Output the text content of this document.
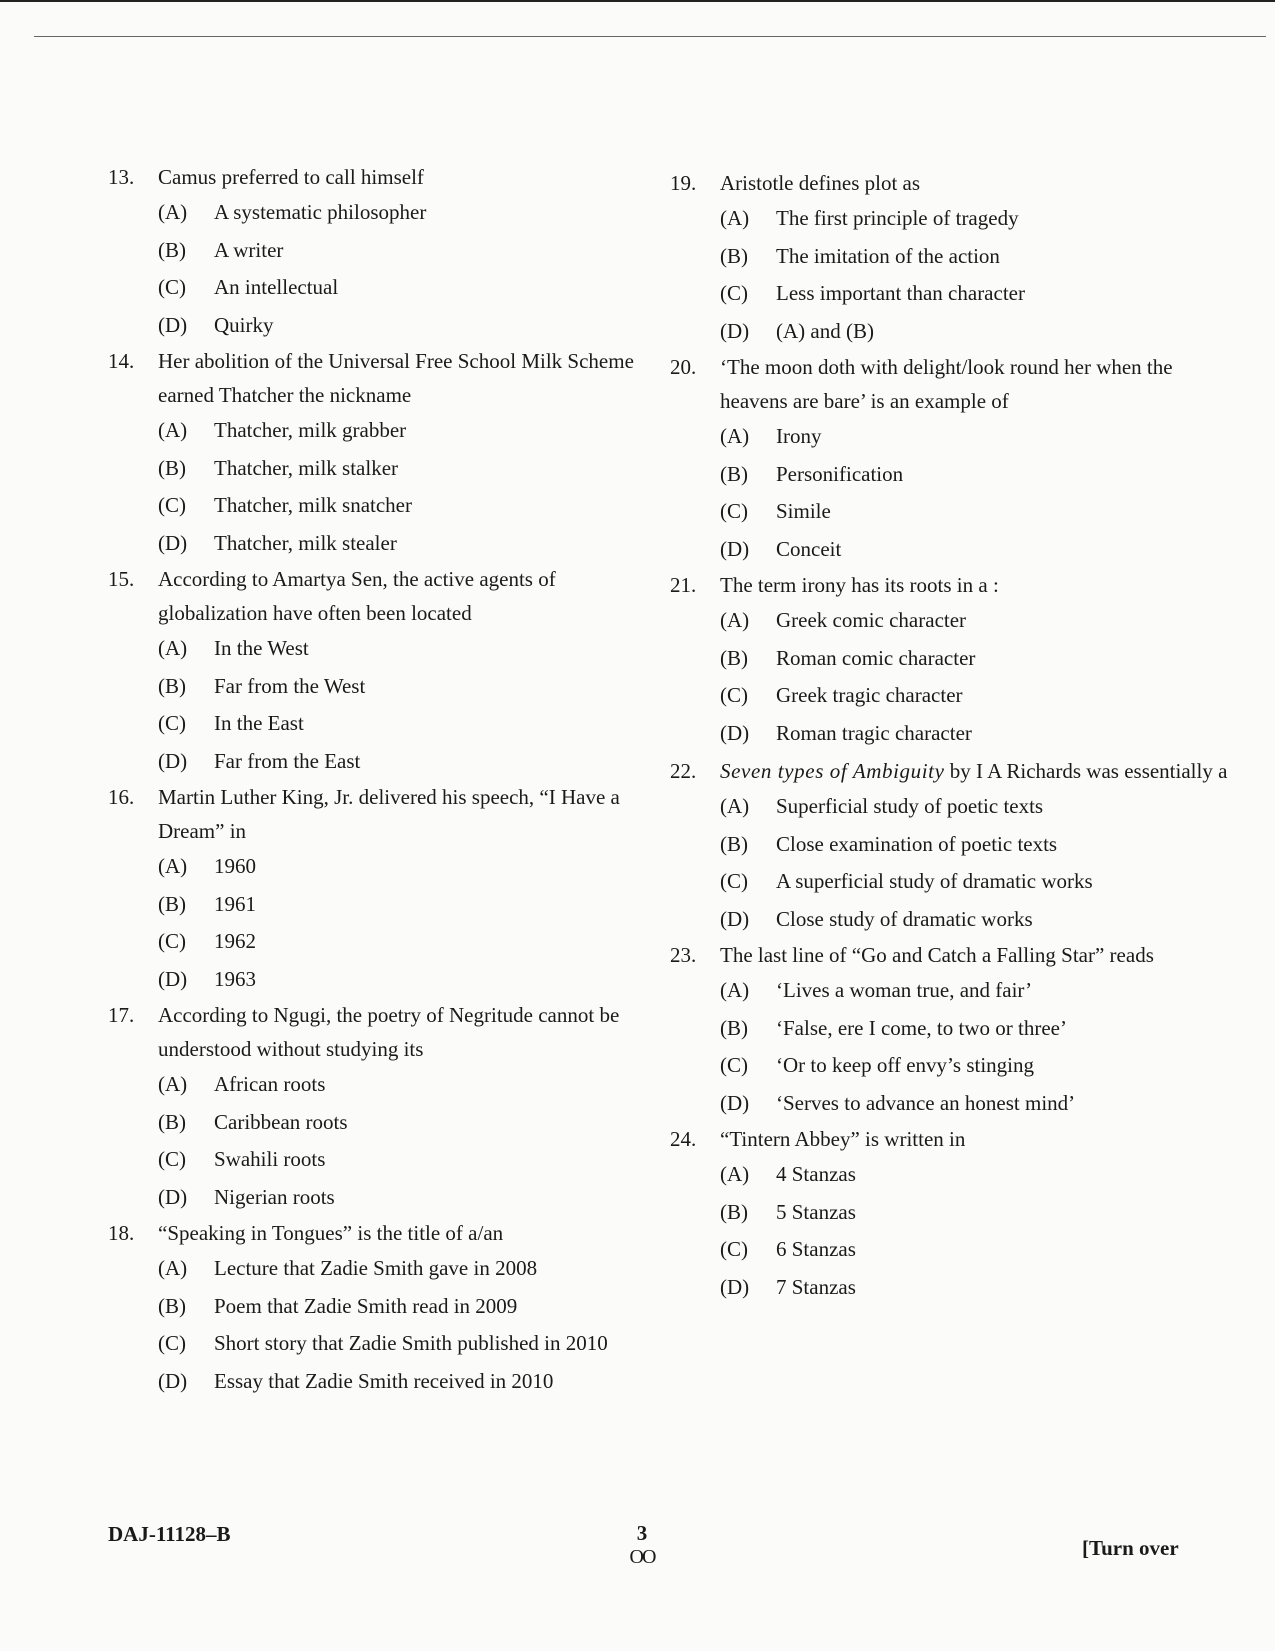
13.	Camus preferred to call himself
(A)	A systematic philosopher
(B)	A writer
(C)	An intellectual
(D)	Quirky
14.	Her abolition of the Universal Free School Milk Scheme earned Thatcher the nickname
(A)	Thatcher, milk grabber
(B)	Thatcher, milk stalker
(C)	Thatcher, milk snatcher
(D)	Thatcher, milk stealer
15.	According to Amartya Sen, the active agents of globalization have often been located
(A)	In the West
(B)	Far from the West
(C)	In the East
(D)	Far from the East
16.	Martin Luther King, Jr. delivered his speech, “I Have a Dream” in
(A)	1960
(B)	1961
(C)	1962
(D)	1963
17.	According to Ngugi, the poetry of Negritude cannot be understood without studying its
(A)	African roots
(B)	Caribbean roots
(C)	Swahili roots
(D)	Nigerian roots
18.	“Speaking in Tongues” is the title of a/an
(A)	Lecture that Zadie Smith gave in 2008
(B)	Poem that Zadie Smith read in 2009
(C)	Short story that Zadie Smith published in 2010
(D)	Essay that Zadie Smith received in 2010
19.	Aristotle defines plot as
(A)	The first principle of tragedy
(B)	The imitation of the action
(C)	Less important than character
(D)	(A) and (B)
20.	‘The moon doth with delight/look round her when the heavens are bare’ is an example of
(A)	Irony
(B)	Personification
(C)	Simile
(D)	Conceit
21.	The term irony has its roots in a :
(A)	Greek comic character
(B)	Roman comic character
(C)	Greek tragic character
(D)	Roman tragic character
22.	Seven types of Ambiguity by I A Richards was essentially a
(A)	Superficial study of poetic texts
(B)	Close examination of poetic texts
(C)	A superficial study of dramatic works
(D)	Close study of dramatic works
23.	The last line of “Go and Catch a Falling Star” reads
(A)	‘Lives a woman true, and fair’
(B)	‘False, ere I come, to two or three’
(C)	‘Or to keep off envy’s stinging
(D)	‘Serves to advance an honest mind’
24.	“Tintern Abbey” is written in
(A)	4 Stanzas
(B)	5 Stanzas
(C)	6 Stanzas
(D)	7 Stanzas
DAJ-11128–B	3
OO	[Turn over
